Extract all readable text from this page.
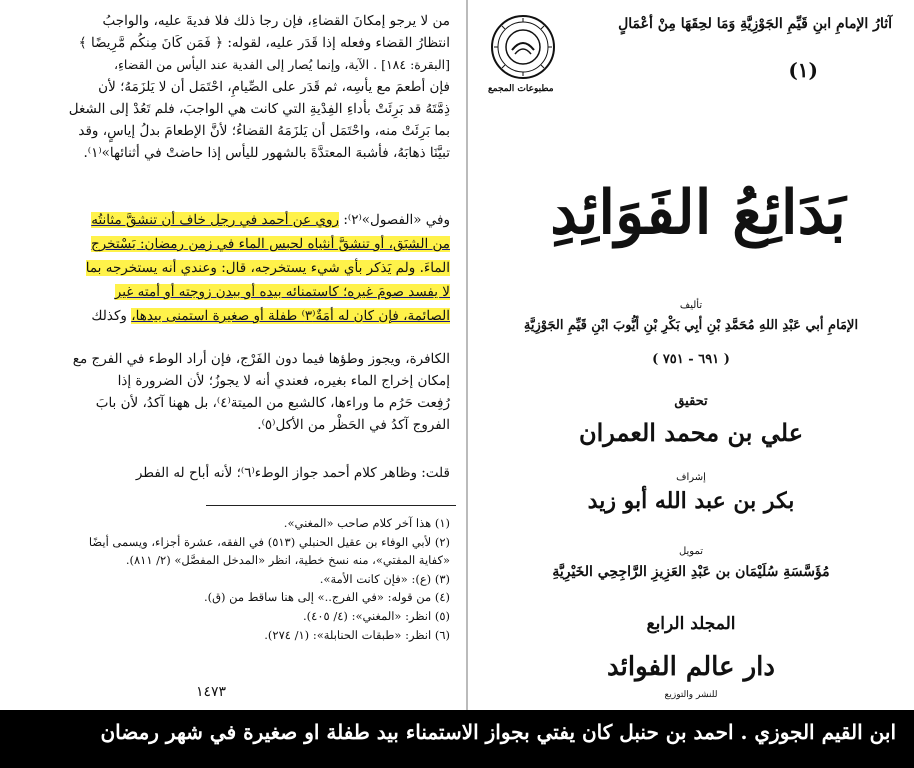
من لا يرجو إمكانَ القضاءِ، فإن رجا ذلك فلا فديةَ عليه، والواجبُ
انتظارُ القضاء وفعله إذا قَدَر عليه، لقوله: ﴿ فَمَن كَانَ مِنكُم مَّرِيضًا ﴾
[البقرة: ١٨٤] . الآية، وإنما يُصار إلى الفدية عند اليأس من القضاءِ،
فإن أطعمَ مع يأسِه، ثم قَدَر على الصِّيامِ، احْتَمَل أن لا يَلزَمَهُ؛ لأن
ذِمَّتَهُ قد بَرِئَتْ بأداءِ الفِدْيةِ التي كانت هي الواجبَ، فلم تَعُدْ إلى الشغل
بما بَرِئَتْ منه، واحْتَمَل أن يَلزَمَهُ القضاءُ؛ لأنَّ الإطعامَ بدلُ إياسٍ، وقد
تبيَّنَا ذهابَهُ، فأشبهَ المعتدَّةَ بالشهور لليأس إذا حاضتْ في أثنائها»⁽١⁾.
وفي «الفصول»⁽٢⁾: روي عن أحمد في رجل خاف أن تنشقَّ مثانتُه
من الشبَق، أو تنشقَّ أنثياه لحبس الماء في زمن رمضان: يَسْتخرج
الماءَ. ولم يَذكر بأي شيء يستخرجه، قال: وعندي أنه يستخرجه بما
لا يفسد صومَ غيره؛ كاستمنائه بيده أو ببدن زوجته أو أمته غير
الصائمة، فإن كان له أمَةٌ⁽٣⁾ طفلة أو صغيرة استمنى بيدها، وكذلك
الكافرة، ويجوز وطؤها فيما دون الفَرْج، فإن أراد الوطء في الفرج مع
إمكان إخراج الماء بغيره، فعندي أنه لا يجوزُ؛ لأن الضرورة إذا
رُفِعت حَرُم ما وراءها، كالشبع من الميتة⁽٤⁾، بل ههنا آكدُ، لأن بابَ
الفروج آكدُ في الحَظْر من الأكل⁽٥⁾.
قلت: وظاهر كلام أحمد جواز الوطء⁽٦⁾؛ لأنه أباح له الفطر
(١) هذا آخر كلام صاحب «المغني».
(٢) لأبي الوفاء بن عقيل الحنبلي (٥١٣) في الفقه، عشرة أجزاء، ويسمى أيضًا
«كفاية المفتي»، منه نسخ خطية، انظر «المدخل المفصَّل» (٢/ ٨١١).
(٣) (ع): «فإن كانت الأمة».
(٤) من قوله: «في الفرج..» إلى هنا ساقط من (ق).
(٥) انظر: «المغني»: (٤/ ٤٠٥).
(٦) انظر: «طبقات الحنابلة»: (١/ ٢٧٤).
١٤٧٣
آثارُ الإمامِ ابنِ قَيِّمِ الجَوْزِيَّةِ وَمَا لحِقَهَا مِنْ أعْمَالٍ
(١)
مطبوعات المجمع
بَدَائِعُ الفَوَائِدِ
تأليف
الإمَامِ أبي عَبْدِ اللهِ مُحَمَّدِ بْنِ أبِي بَكْرِ بْنِ أيُّوبَ ابْنِ قَيِّمِ الجَوْزِيَّةِ
( ٦٩١ - ٧٥١ )
تحقيق
علي بن محمد العمران
إشراف
بكر بن عبد الله أبو زيد
تمويل
مُؤَسَّسَةِ سُلَيْمَان بن عَبْدِ العَزِيزِ الرَّاجِحِي الخَيْرِيَّةِ
المجلد الرابع
دار عالم الفوائد
للنشر والتوزيع
ابن القيم الجوزي . احمد بن حنبل كان يفتي بجواز الاستمناء بيد طفلة او صغيرة في شهر رمضان
